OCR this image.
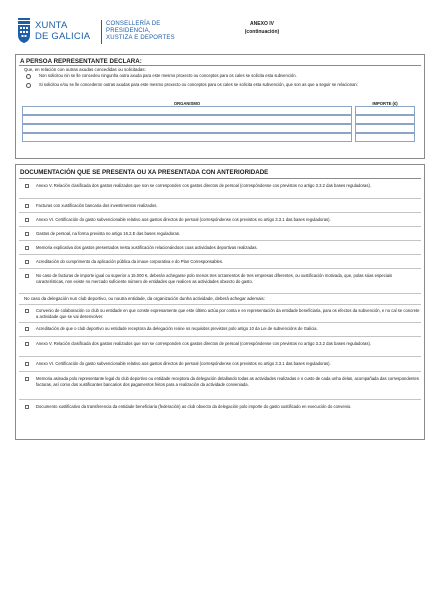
XUNTA
DE GALICIA
CONSELLERÍA DE
PRESIDENCIA,
XUSTIZA E DEPORTES
ANEXO IV
(continuación)
A PERSOA REPRESENTANTE DECLARA:
Que, en relación con outras axudas concedidas ou solicitadas:
Non solicitou nin se lle concedeu ningunha outra axuda para este mesmo proxecto ou conceptos para os cales se solicita esta subvención.
Si solicitou e/ou se lle concederon outras axudas para este mesmo proxecto ou conceptos para os cales se solicita esta subvención, que son as que a seguir se relacionan:
ORGANISMO		IMPORTE (€)

DOCUMENTACIÓN QUE SE PRESENTA OU XA PRESENTADA CON ANTERIORIDADE
Anexo V. Relación clasificada dos gastos realizados que non se corresponden cos gastos directos de persoal (correspóndense cos previstos no artigo 3.3.2 das bases reguladoras).
Facturas con xustificación bancaria dos investimentos realizados.
Anexo VI. Certificación do gasto subvencionable relativo aos gastos directos de persoal (correspóndense cos previstos no artigo 3.3.1 das bases reguladoras).
Gastos de persoal, na forma prevista no artigo 16.2.E das bases reguladoras.
Memoria explicativa dos gastos presentados nesta xustificación relacionándoos coas actividades deportivas realizadas.
Acreditación do cumprimento da aplicación pública da imaxe corporativa e do Plan Corresponsables.
No caso de facturas de importe igual ou superior a 15.000 €, deberán achegarse polo menos tres orzamentos de tres empresas diferentes, ou xustificación motivada, que, polas súas especiais características, non existe no mercado suficiente número de entidades que realicen as actividades obxecto do gasto.
No caso da delegación nun club deportivo, ou noutra entidade, da organización dunha actividade, deberá achegar ademais:
Convenio de colaboración co club ou entidade en que conste expresamente que este último actúa por conta e en representación da entidade beneficiaria, para os efectos da subvención, e no cal se concrete a actividade que se vai desenvolver.
Acreditación de que o club deportivo ou entidade receptora da delegación reúne os requisitos previstos polo artigo 10 da Lei de subvencións de Galicia.
Anexo V. Relación clasificada dos gastos realizados que non se corresponden cos gastos directos de persoal (correspóndense cos previstos no artigo 3.3.2 das bases reguladoras).
Anexo VI. Certificación do gasto subvencionable relativo aos gastos directos de persoal (correspóndense cos previstos no artigo 3.3.1 das bases reguladoras).
Memoria asinada polo representante legal do club deportivo ou entidade receptora da delegación detallando todas as actividades realizadas e o custo de cada unha delas, acompañada das correspondentes facturas, así como dos xustificantes bancarios dos pagamentos feitos para a realización da actividade conveniada.
Documento xustificativo da transferencia da entidade beneficiaria (federación) ao club obxecto da delegación polo importe do gasto xustificado en execución do convenio.
